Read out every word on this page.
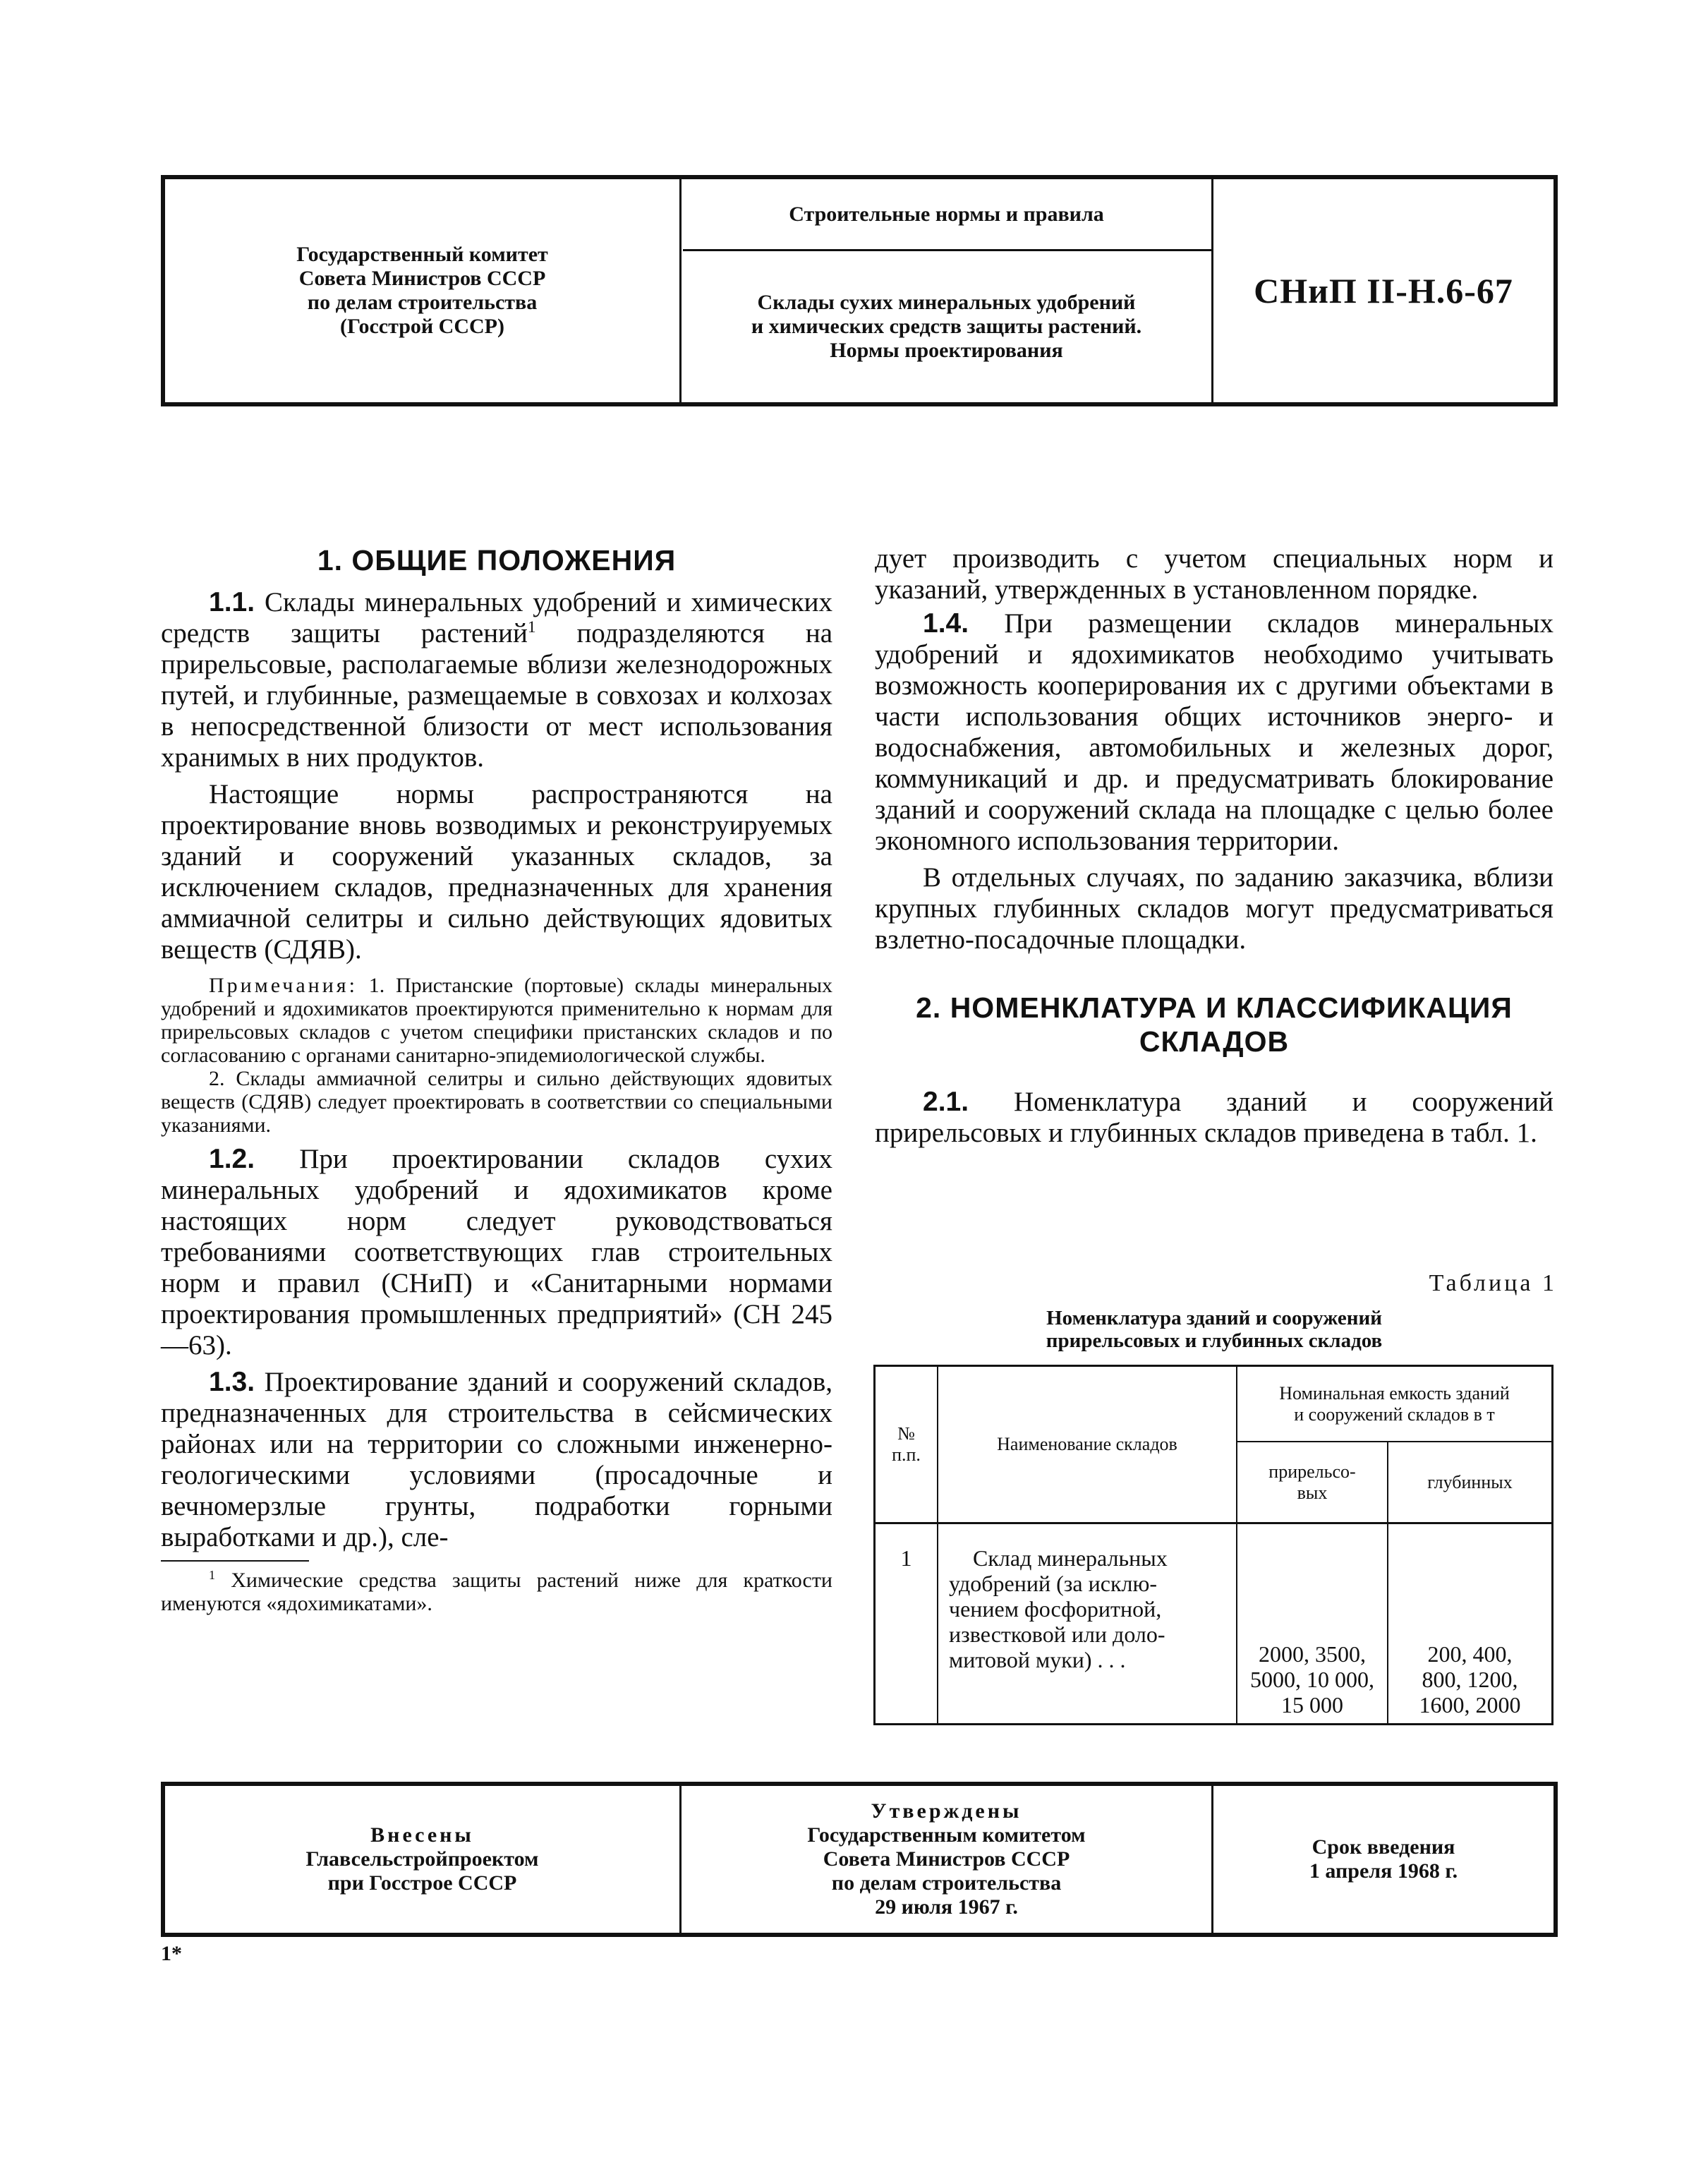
Государственный комитет
Совета Министров СССР
по делам строительства
(Госстрой СССР)
Строительные нормы и правила
Склады сухих минеральных удобрений
и химических средств защиты растений.
Нормы проектирования
СНиП II-Н.6-67

1. ОБЩИЕ ПОЛОЖЕНИЯ

1.1. Склады минеральных удобрений и химических средств защиты растений$^1$ подразделяются на прирельсовые, располагаемые вблизи железнодорожных путей, и глубинные, размещаемые в совхозах и колхозах в непосредственной близости от мест использования хранимых в них продуктов.

Настоящие нормы распространяются на проектирование вновь возводимых и реконструируемых зданий и сооружений указанных складов, за исключением складов, предназначенных для хранения аммиачной селитры и сильно действующих ядовитых веществ (СДЯВ).

Примечания: 1. Пристанские (портовые) склады минеральных удобрений и ядохимикатов проектируются применительно к нормам для прирельсовых складов с учетом специфики пристанских складов и по согласованию с органами санитарно-эпидемиологической службы.

2. Склады аммиачной селитры и сильно действующих ядовитых веществ (СДЯВ) следует проектировать в соответствии со специальными указаниями.

1.2. При проектировании складов сухих минеральных удобрений и ядохимикатов кроме настоящих норм следует руководствоваться требованиями соответствующих глав строительных норм и правил (СНиП) и «Санитарными нормами проектирования промышленных предприятий» (СН 245—63).

1.3. Проектирование зданий и сооружений складов, предназначенных для строительства в сейсмических районах или на территории со сложными инженерно-геологическими условиями (просадочные и вечномерзлые грунты, подработки горными выработками и др.), сле-

$^1$ Химические средства защиты растений ниже для краткости именуются «ядохимикатами».

дует производить с учетом специальных норм и указаний, утвержденных в установленном порядке.

1.4. При размещении складов минеральных удобрений и ядохимикатов необходимо учитывать возможность кооперирования их с другими объектами в части использования общих источников энерго- и водоснабжения, автомобильных и железных дорог, коммуникаций и др. и предусматривать блокирование зданий и сооружений склада на площадке с целью более экономного использования территории.

В отдельных случаях, по заданию заказчика, вблизи крупных глубинных складов могут предусматриваться взлетно-посадочные площадки.

2. НОМЕНКЛАТУРА И КЛАССИФИКАЦИЯ
СКЛАДОВ

2.1. Номенклатура зданий и сооружений прирельсовых и глубинных складов приведена в табл. 1.

Таблица 1
Номенклатура зданий и сооружений
прирельсовых и глубинных складов
№
п.п.
Наименование складов
Номинальная емкость зданий
и сооружений складов в т
прирельсо-
вых
глубинных
1	Склад минеральных
удобрений (за исклю-
чением фосфоритной,
известковой или доло-
митовой муки) . . .	2000, 3500,
5000, 10 000,
15 000
200, 400,
800, 1200,
1600, 2000
Внесены
Главсельстройпроектом
при Госстрое СССР
Утверждены
Государственным комитетом
Совета Министров СССР
по делам строительства
29 июля 1967 г.
Срок введения
1 апреля 1968 г.
1*
